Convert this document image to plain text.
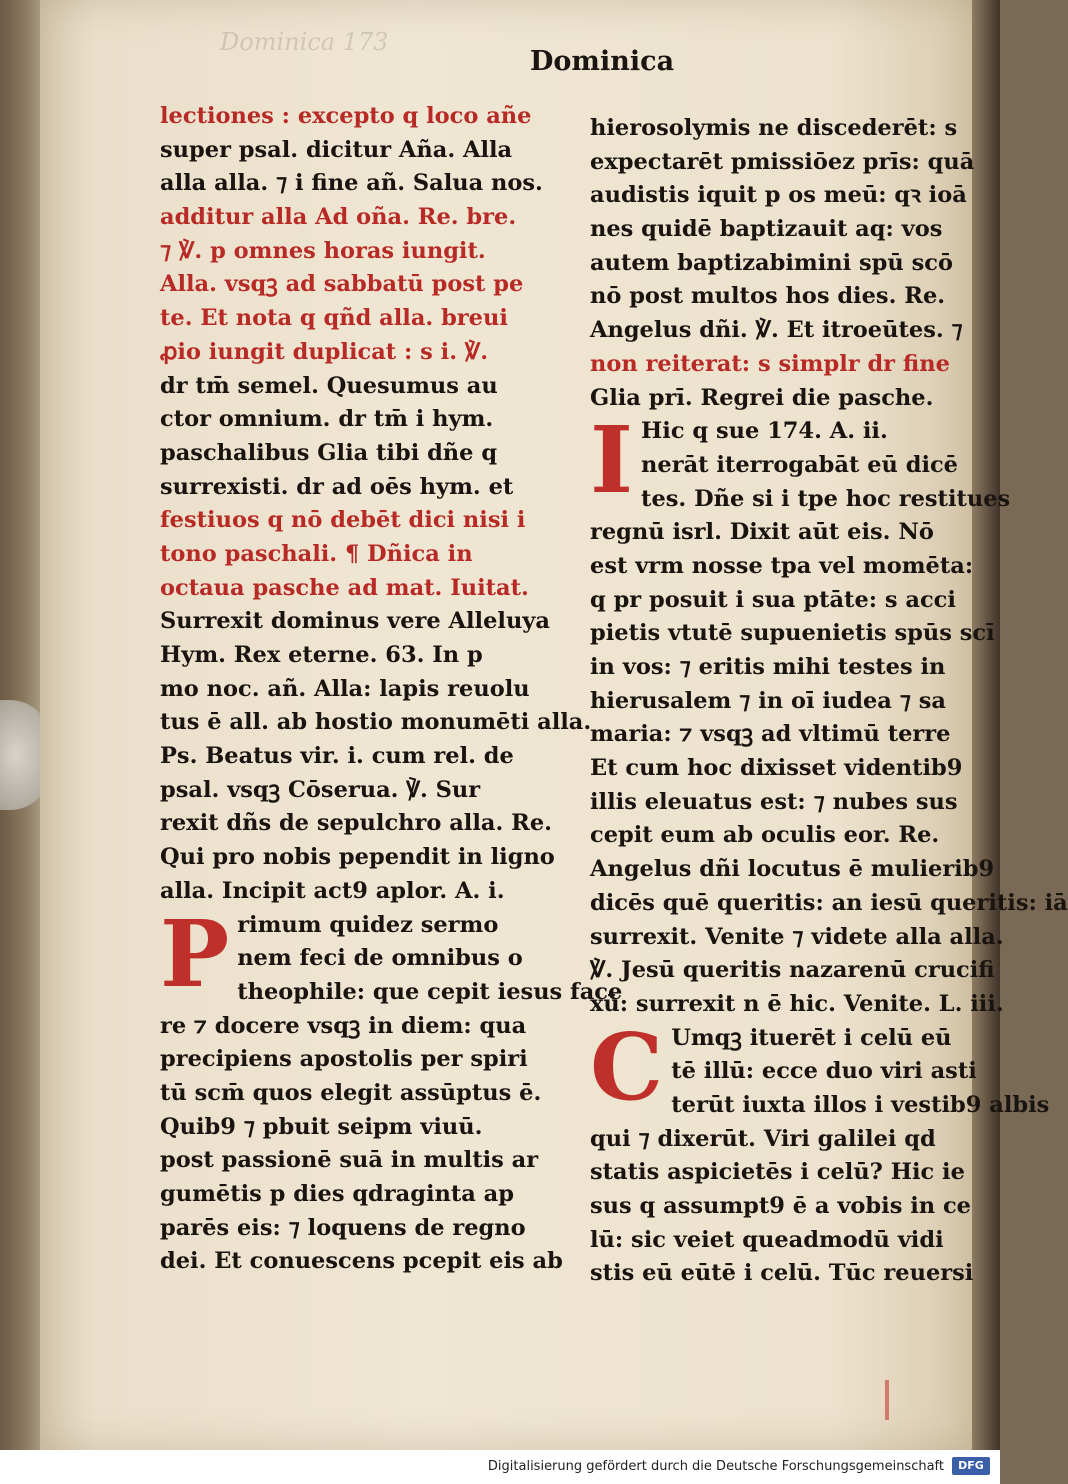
Dominica 173
Dominica
lectiones : excepto q loco añe
super psal. dicitur Aña. Alla
alla alla. ⁊ i fine añ. Salua nos.
additur alla Ad oña. Re. bre.
⁊ ℣. p omnes horas iungit.
Alla. vsqꝫ ad sabbatū post pe
te. Et nota q qñd alla. breui
ꝓio iungit duplicat : s i. ℣.
dr tm̄ semel. Quesumus au
ctor omnium. dr tm̄ i hym.
paschalibus Glia tibi dñe q
surrexisti. dr ad oēs hym. et
festiuos q nō debēt dici nisi i
tono paschali. ¶ Dñica in
octaua pasche ad mat. Iuitat.
Surrexit dominus vere Alleluya
Hym. Rex eterne. 63. In p
mo noc. añ. Alla: lapis reuolu
tus ē all. ab hostio monumēti alla.
Ps. Beatus vir. i. cum rel. de
psal. vsqꝫ Cōserua. ℣. Sur
rexit dñs de sepulchro alla. Re.
Qui pro nobis pependit in ligno
alla. Incipit act9 aplor. A. i.
P rimum quidez sermo
nem feci de omnibus o
theophile: que cepit iesus face
re ⁊ docere vsqꝫ in diem: qua
precipiens apostolis per spiri
tū scm̄ quos elegit assūptus ē.
Quib9 ⁊ pbuit seipm viuū.
post passionē suā in multis ar
gumētis p dies qdraginta ap
parēs eis: ⁊ loquens de regno
dei. Et conuescens pcepit eis ab
hierosolymis ne discederēt: s
expectarēt pmissiōez prīs: quā
audistis iquit p os meū: qꝛ ioā
nes quidē baptizauit aq: vos
autem baptizabimini spū scō
nō post multos hos dies. Re.
Angelus dñi. ℣. Et itroeūtes. ⁊
non reiterat: s simplr dr fine
Glia prī. Regrei die pasche.
I Hic q sue 174. A. ii.
nerāt iterrogabāt eū dicē
tes. Dñe si i tpe hoc restitues
regnū isrl. Dixit aūt eis. Nō
est vrm nosse tpa vel momēta:
q pr posuit i sua ptāte: s acci
pietis vtutē supuenietis spūs scī
in vos: ⁊ eritis mihi testes in
hierusalem ⁊ in oī iudea ⁊ sa
maria: ⁊ vsqꝫ ad vltimū terre
Et cum hoc dixisset videntib9
illis eleuatus est: ⁊ nubes sus
cepit eum ab oculis eor. Re.
Angelus dñi locutus ē mulierib9
dicēs quē queritis: an iesū queritis: iā
surrexit. Venite ⁊ videte alla alla.
℣. Jesū queritis nazarenū crucifi
xū: surrexit n ē hic. Venite. L. iii.
C Umqꝫ ituerēt i celū eū
tē illū: ecce duo viri asti
terūt iuxta illos i vestib9 albis
qui ⁊ dixerūt. Viri galilei qd
statis aspicietēs i celū? Hic ie
sus q assumpt9 ē a vobis in ce
lū: sic veiet queadmodū vidi
stis eū eūtē i celū. Tūc reuersi
Digitalisierung gefördert durch die Deutsche Forschungsgemeinschaft	DFG
